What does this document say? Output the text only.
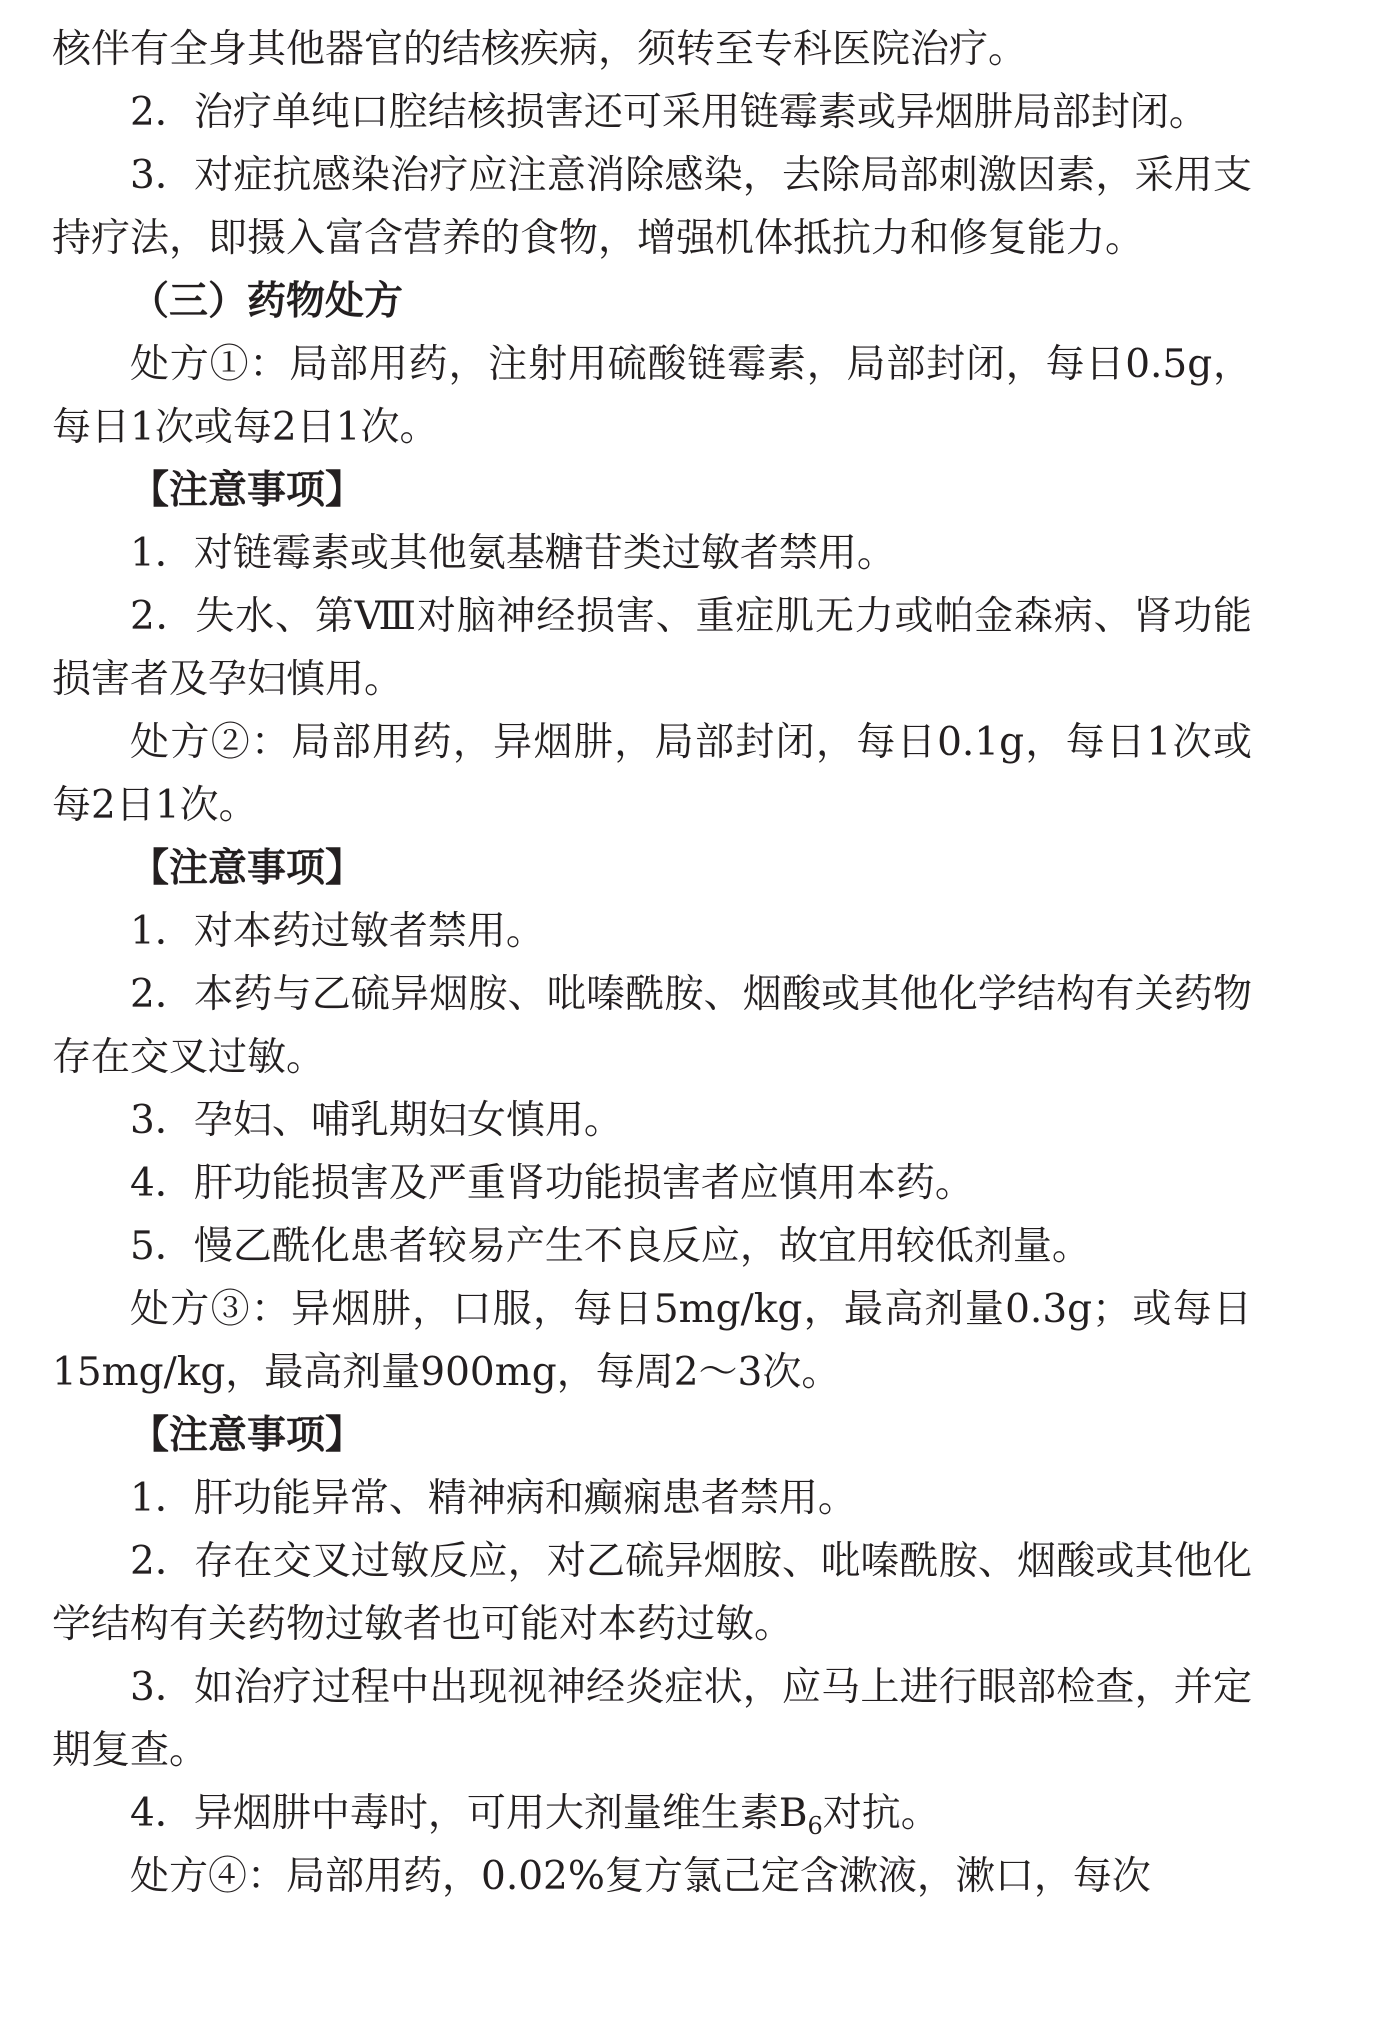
核伴有全身其他器官的结核疾病，须转至专科医院治疗。

2．治疗单纯口腔结核损害还可采用链霉素或异烟肼局部封闭。

3．对症抗感染治疗应注意消除感染，去除局部刺激因素，采用支持疗法，即摄入富含营养的食物，增强机体抵抗力和修复能力。

（三）药物处方

处方①：局部用药，注射用硫酸链霉素，局部封闭，每日0.5g，每日1次或每2日1次。

【注意事项】

1．对链霉素或其他氨基糖苷类过敏者禁用。

2．失水、第Ⅷ对脑神经损害、重症肌无力或帕金森病、肾功能损害者及孕妇慎用。

处方②：局部用药，异烟肼，局部封闭，每日0.1g，每日1次或每2日1次。

【注意事项】

1．对本药过敏者禁用。

2．本药与乙硫异烟胺、吡嗪酰胺、烟酸或其他化学结构有关药物存在交叉过敏。

3．孕妇、哺乳期妇女慎用。

4．肝功能损害及严重肾功能损害者应慎用本药。

5．慢乙酰化患者较易产生不良反应，故宜用较低剂量。

处方③：异烟肼，口服，每日5mg/kg，最高剂量0.3g；或每日15mg/kg，最高剂量900mg，每周2～3次。

【注意事项】

1．肝功能异常、精神病和癫痫患者禁用。

2．存在交叉过敏反应，对乙硫异烟胺、吡嗪酰胺、烟酸或其他化学结构有关药物过敏者也可能对本药过敏。

3．如治疗过程中出现视神经炎症状，应马上进行眼部检查，并定期复查。

4．异烟肼中毒时，可用大剂量维生素$B_6$对抗。

处方④：局部用药，0.02%复方氯己定含漱液，漱口，每次
